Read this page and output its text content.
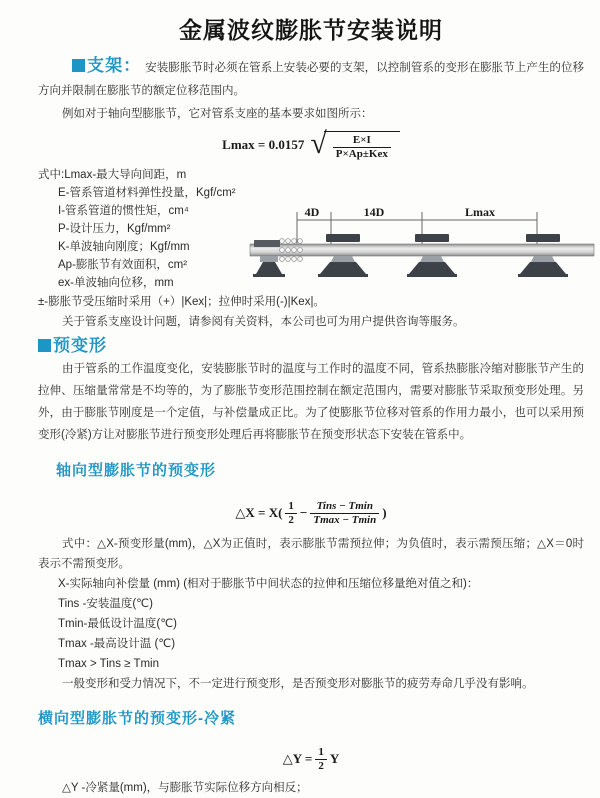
金属波纹膨胀节安装说明

支架： 安装膨胀节时必须在管系上安装必要的支架，以控制管系的变形在膨胀节上产生的位移方向并限制在膨胀节的额定位移范围内。

例如对于轴向型膨胀节，它对管系支座的基本要求如图所示：

Lmax = 0.0157 √ $\frac{E\times I}{\text{P×Ap±Kex}}$
式中:Lmax-最大导向间距，m
E-管系管道材料弹性投量，Kgf/cm²
I-管系管道的惯性矩，cm⁴
P-设计压力，Kgf/mm²
K-单波轴向刚度；Kgf/mm
Ap-膨胀节有效面积，cm²
ex-单波轴向位移，mm

±-膨胀节受压缩时采用（+）|Kex|；拉伸时采用(-)|Kex|。

关于管系支座设计问题，请参阅有关资料，本公司也可为用户提供咨询等服务。

预变形

由于管系的工作温度变化，安装膨胀节时的温度与工作时的温度不同，管系热膨胀冷缩对膨胀节产生的拉伸、压缩量常常是不均等的，为了膨胀节变形范围控制在额定范围内，需要对膨胀节采取预变形处理。另外，由于膨胀节刚度是一个定值，与补偿量成正比。为了使膨胀节位移对管系的作用力最小，也可以采用预变形(冷紧)方让对膨胀节进行预变形处理后再将膨胀节在预变形状态下安装在管系中。

轴向型膨胀节的预变形
△X = $X( \frac{1}{2} - \frac{\text{Tins − Tmin}}{Tmax - Tmin}$ )

式中：△X-预变形量(mm)，△X为正值时，表示膨胀节需预拉伸；为负值时，表示需预压缩；△X＝0时表示不需预变形。

X-实际轴向补偿量 (mm) (相对于膨胀节中间状态的拉伸和压缩位移量绝对值之和)：
Tins -安装温度(℃)
Tmin-最低设计温度(℃)
Tmax -最高设计温 (℃)
Tmax > Tins ≥ Tmin

一般变形和受力情况下，不一定进行预变形，是否预变形对膨胀节的疲劳寿命几乎没有影响。

横向型膨胀节的预变形-冷紧
△Y = $\frac{1}{2}$ Y

△Y -冷紧量(mm)，与膨胀节实际位移方向相反；

4D	14D	Lmax
